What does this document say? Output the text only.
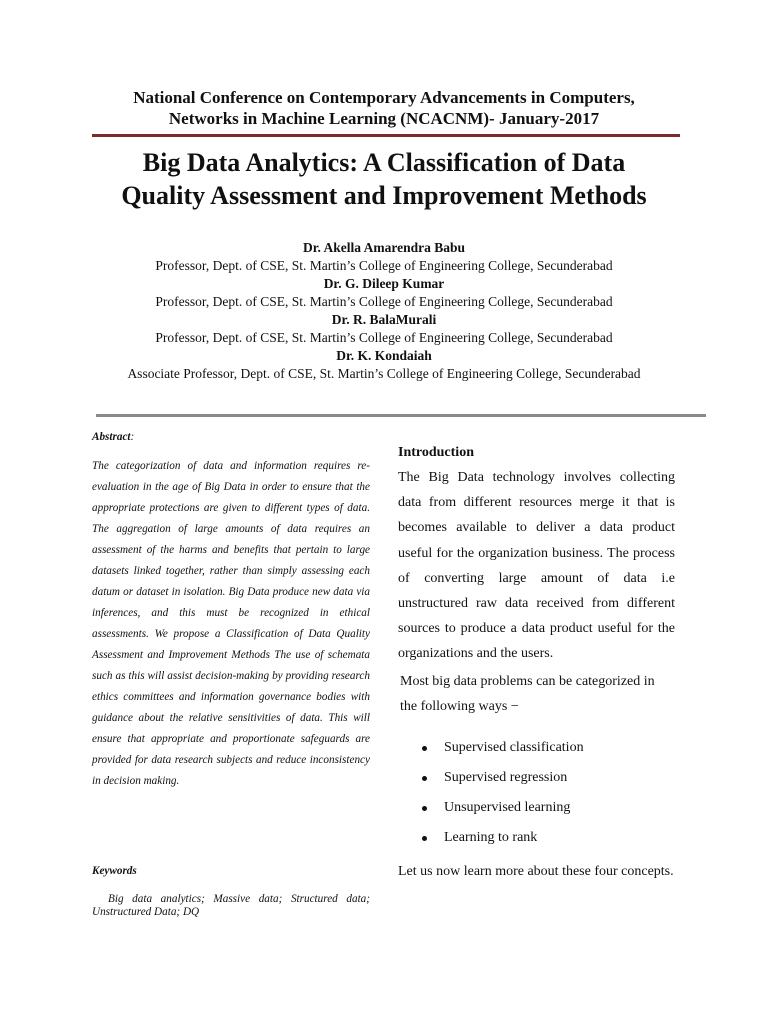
National Conference on Contemporary Advancements in Computers,
Networks in Machine Learning (NCACNM)- January-2017
Big Data Analytics: A Classification of Data
Quality Assessment and Improvement Methods
Dr. Akella Amarendra Babu
Professor, Dept. of CSE, St. Martin’s College of Engineering College, Secunderabad
Dr. G. Dileep Kumar
Professor, Dept. of CSE, St. Martin’s College of Engineering College, Secunderabad
Dr. R. BalaMurali
Professor, Dept. of CSE, St. Martin’s College of Engineering College, Secunderabad
Dr. K. Kondaiah
Associate Professor, Dept. of CSE, St. Martin’s College of Engineering College, Secunderabad

Abstract:

The categorization of data and information requires re-evaluation in the age of Big Data in order to ensure that the appropriate protections are given to different types of data. The aggregation of large amounts of data requires an assessment of the harms and benefits that pertain to large datasets linked together, rather than simply assessing each datum or dataset in isolation. Big Data produce new data via inferences, and this must be recognized in ethical assessments. We propose a Classification of Data Quality Assessment and Improvement Methods The use of schemata such as this will assist decision-making by providing research ethics committees and information governance bodies with guidance about the relative sensitivities of data. This will ensure that appropriate and proportionate safeguards are provided for data research subjects and reduce inconsistency in decision making.

Keywords
Big data analytics; Massive data; Structured data; Unstructured Data; DQ

Introduction

The Big Data technology involves collecting data from different resources merge it that is becomes available to deliver a data product useful for the organization business. The process of converting large amount of data i.e unstructured raw data received from different sources to produce a data product useful for the organizations and the users.

Most big data problems can be categorized in the following ways −

Supervised classification
Supervised regression
Unsupervised learning
Learning to rank

Let us now learn more about these four concepts.
